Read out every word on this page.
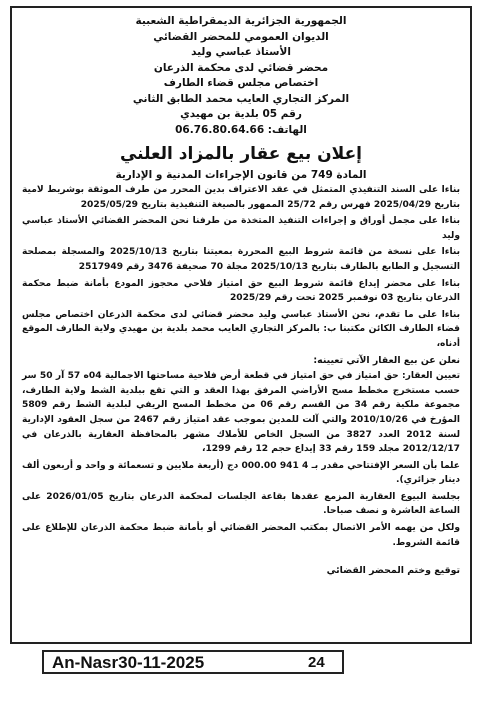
الجمهورية الجزائرية الديمقراطية الشعبية
الديوان العمومي للمحضر القضائي
الأستاذ عباسي وليد
محضر قضائي لدى محكمة الذرعان
اختصاص مجلس قضاء الطارف
المركز التجاري العايب محمد الطابق الثاني
رقم 05 بلدية بن مهيدي
الهاتف: 06.76.80.64.66
إعلان بيع عقار بالمزاد العلني
المادة 749 من قانون الإجراءات المدنية و الإدارية

بناءا على السند التنفيذي المتمثل في عقد الاعتراف بدين المحرر من طرف الموثقة بوشريط لامية بتاريخ 2025/04/29 فهرس رقم 25/72 الممهور بالصيغة التنفيذية بتاريخ 2025/05/29

بناءا على مجمل أوراق و إجراءات التنفيذ المتخذة من طرفنا نحن المحضر القضائي الأستاذ عباسي وليد

بناءا على نسخة من قائمة شروط البيع المحررة بمعيتنا بتاريخ 2025/10/13 والمسجلة بمصلحة التسجيل و الطابع بالطارف بتاريخ 2025/10/13 مجلة 70 صحيفة 3476 رقم 2517949

بناءا على محضر إيداع قائمة شروط البيع حق امتياز فلاحي محجوز المودع بأمانة ضبط محكمة الذرعان بتاريخ 03 نوفمبر 2025 تحت رقم 2025/29

بناءا على ما تقدم، نحن الأستاذ عباسي وليد محضر قضائي لدى محكمة الذرعان اختصاص مجلس قضاء الطارف الكائن مكتبنا ب: بالمركز التجاري العايب محمد بلدية بن مهيدي ولاية الطارف الموقع أدناه،

نعلن عن بيع العقار الآتي تعيينه:

تعيين العقار: حق امتياز في حق امتياز في قطعة أرض فلاحية مساحتها الاجمالية 04ه 57 آر 50 سر حسب مستخرج مخطط مسح الأراضي المرفق بهذا العقد و التي تقع ببلدية الشط ولاية الطارف، مجموعة ملكية رقم 34 من القسم رقم 06 من مخطط المسح الريفي لبلدية الشط رقم 5809 المؤرخ في 2010/10/26 والتي آلت للمدين بموجب عقد امتياز رقم 2467 من سجل العقود الإدارية لسنة 2012 العدد 3827 من السجل الخاص للأملاك مشهر بالمحافظة العقارية بالذرعان في 2012/12/17 مجلد 159 رقم 33 إيداع حجم 12 رقم 1299،

علما بأن السعر الإفتتاحي مقدر بـ 4 941 000.00 دج (أربعة ملايين و تسعمائة و واحد و أربعون ألف دينار جزائري).

بجلسة البيوع العقارية المزمع عقدها بقاعة الجلسات لمحكمة الذرعان بتاريخ 2026/01/05 على الساعة العاشرة و نصف صباحا.

ولكل من يهمه الأمر الاتصال بمكتب المحضر القضائي أو بأمانة ضبط محكمة الذرعان للإطلاع على قائمة الشروط.

توقيع وختم المحضر القضائي
An-Nasr30-11-2025	24
